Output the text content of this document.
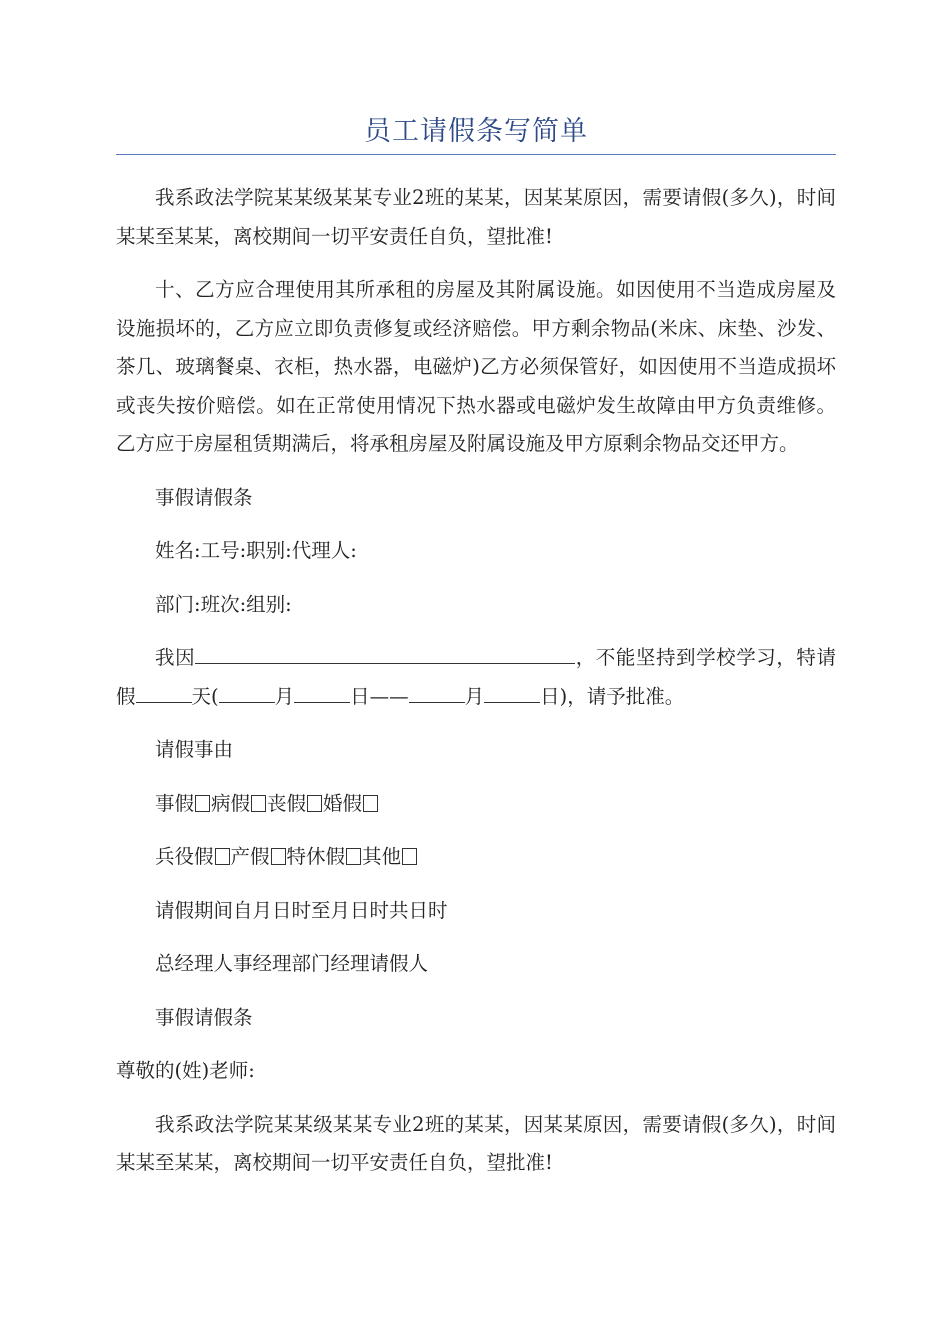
员工请假条写简单

我系政法学院某某级某某专业2班的某某，因某某原因，需要请假(多久)，时间某某至某某，离校期间一切平安责任自负，望批准!

十、乙方应合理使用其所承租的房屋及其附属设施。如因使用不当造成房屋及设施损坏的，乙方应立即负责修复或经济赔偿。甲方剩余物品(米床、床垫、沙发、茶几、玻璃餐桌、衣柜，热水器，电磁炉)乙方必须保管好，如因使用不当造成损坏或丧失按价赔偿。如在正常使用情况下热水器或电磁炉发生故障由甲方负责维修。乙方应于房屋租赁期满后，将承租房屋及附属设施及甲方原剩余物品交还甲方。

事假请假条

姓名:工号:职别:代理人:

部门:班次:组别:

我因	，不能坚持到学校学习，特请假	天(	月	日——	月	日)，请予批准。

请假事由

事假 病假 丧假 婚假

兵役假 产假 特休假 其他

请假期间自月日时至月日时共日时

总经理人事经理部门经理请假人

事假请假条

尊敬的(姓)老师:

我系政法学院某某级某某专业2班的某某，因某某原因，需要请假(多久)，时间某某至某某，离校期间一切平安责任自负，望批准!
